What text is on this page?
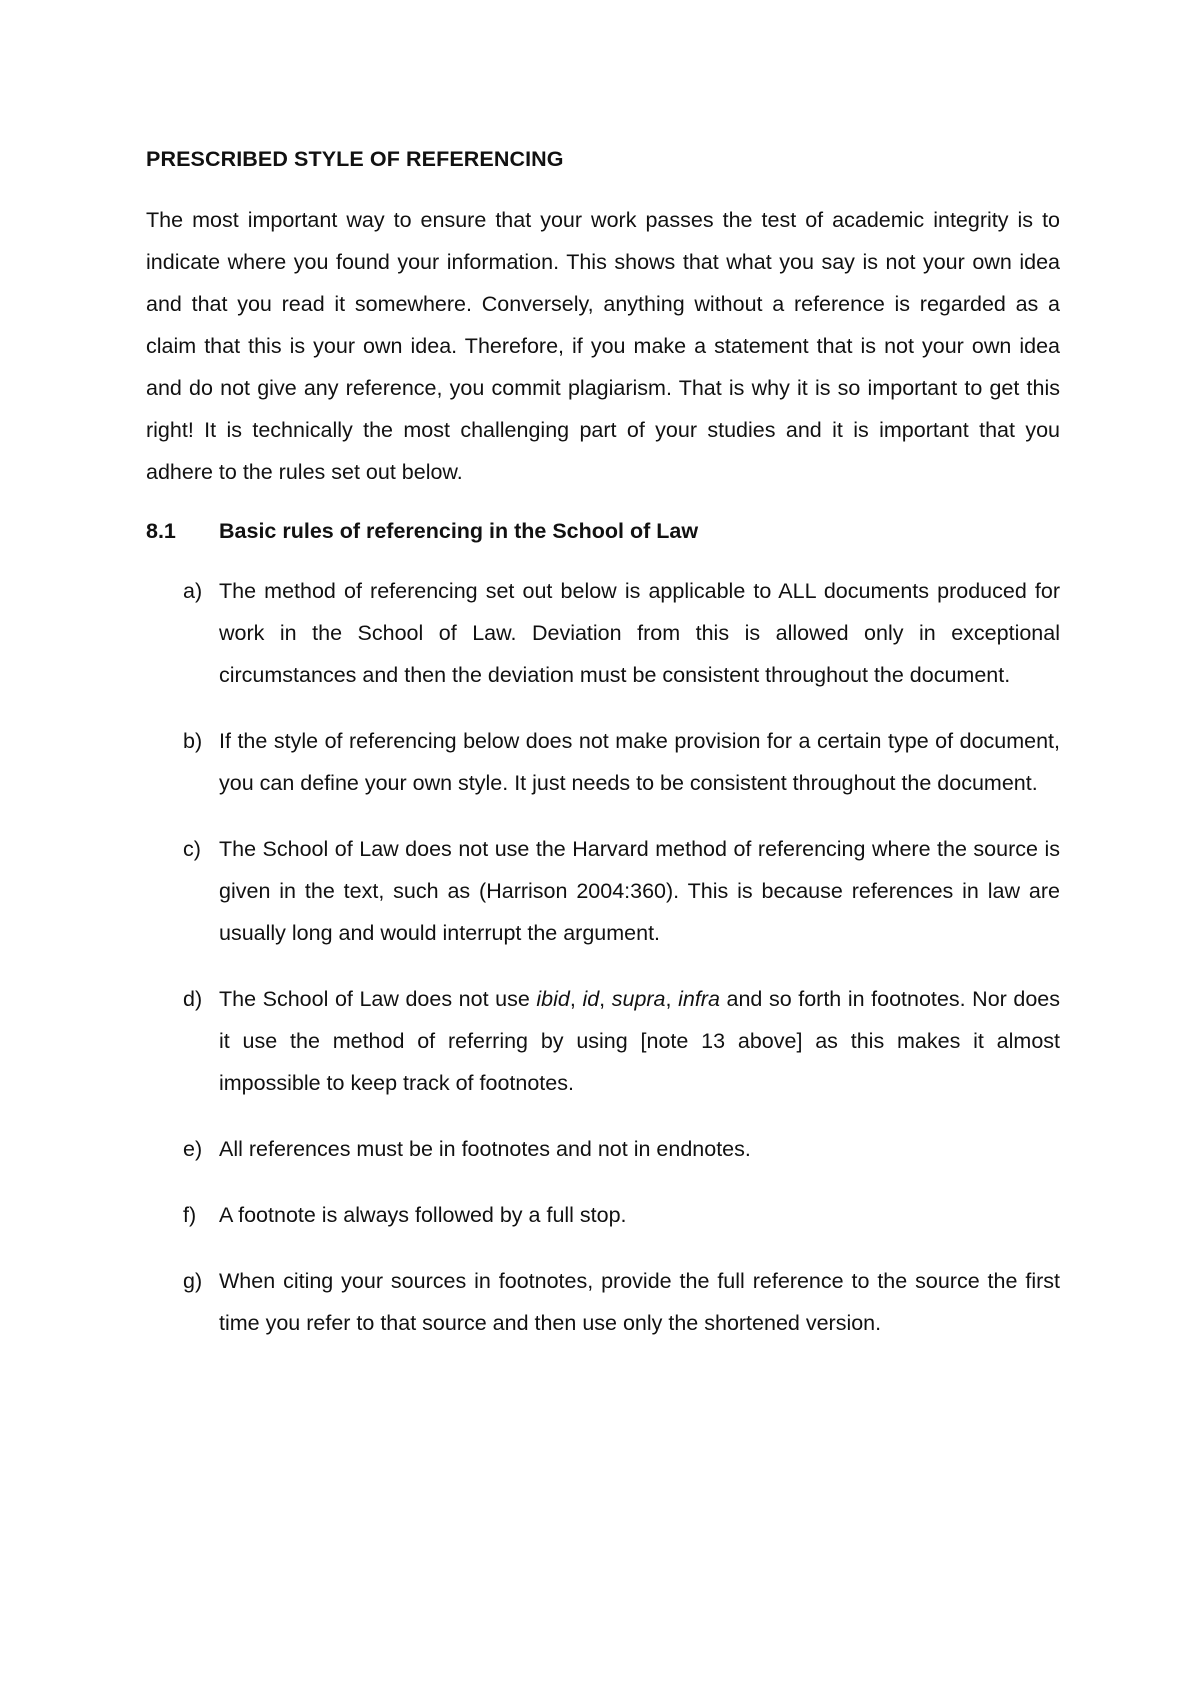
PRESCRIBED STYLE OF REFERENCING

The most important way to ensure that your work passes the test of academic integrity is to indicate where you found your information. This shows that what you say is not your own idea and that you read it somewhere. Conversely, anything without a reference is regarded as a claim that this is your own idea. Therefore, if you make a statement that is not your own idea and do not give any reference, you commit plagiarism. That is why it is so important to get this right! It is technically the most challenging part of your studies and it is important that you adhere to the rules set out below.

8.1	Basic rules of referencing in the School of Law
a) The method of referencing set out below is applicable to ALL documents produced for work in the School of Law. Deviation from this is allowed only in exceptional circumstances and then the deviation must be consistent throughout the document.
b) If the style of referencing below does not make provision for a certain type of document, you can define your own style. It just needs to be consistent throughout the document.
c) The School of Law does not use the Harvard method of referencing where the source is given in the text, such as (Harrison 2004:360). This is because references in law are usually long and would interrupt the argument.
d) The School of Law does not use ibid, id, supra, infra and so forth in footnotes. Nor does it use the method of referring by using [note 13 above] as this makes it almost impossible to keep track of footnotes.
e) All references must be in footnotes and not in endnotes.
f)	A footnote is always followed by a full stop.
g) When citing your sources in footnotes, provide the full reference to the source the first time you refer to that source and then use only the shortened version.
